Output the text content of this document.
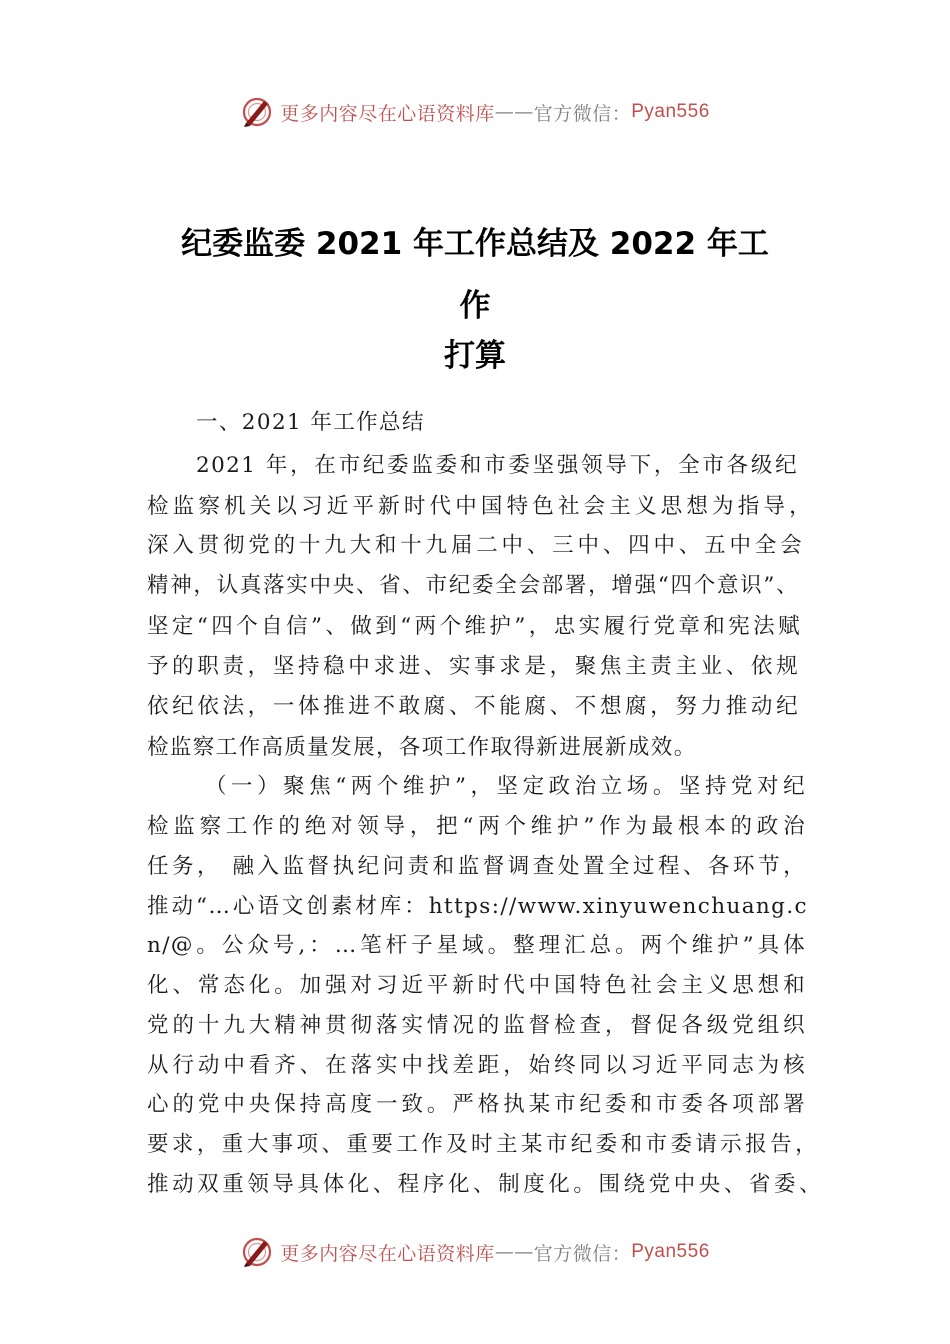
更多内容尽在心语资料库 —— 官方微信： Pyan556
纪委监委 2021 年工作总结及 2022 年工
作
打算
一、2021 年工作总结
2021 年，在市纪委监委和市委坚强领导下，全市各级纪
检监察机关以习近平新时代中国特色社会主义思想为指导，
深入贯彻党的十九大和十九届二中、三中、四中、五中全会
精神，认真落实中央、省、市纪委全会部署，增强“四个意识”、
坚定“四个自信”、做到“两个维护”，忠实履行党章和宪法赋
予的职责，坚持稳中求进、实事求是，聚焦主责主业、依规
依纪依法，一体推进不敢腐、不能腐、不想腐，努力推动纪
检监察工作高质量发展，各项工作取得新进展新成效。
（一）聚焦“两个维护”，坚定政治立场。坚持党对纪
检监察工作的绝对领导，把“两个维护”作为最根本的政治
任务， 融入监督执纪问责和监督调查处置全过程、各环节，
推动“…心语文创素材库：https://www.xinyuwenchuang.c
n/@。公众号,：…笔杆子星域。整理汇总。两个维护”具体
化、常态化。加强对习近平新时代中国特色社会主义思想和
党的十九大精神贯彻落实情况的监督检查，督促各级党组织
从行动中看齐、在落实中找差距，始终同以习近平同志为核
心的党中央保持高度一致。严格执某市纪委和市委各项部署
要求，重大事项、重要工作及时主某市纪委和市委请示报告，
推动双重领导具体化、程序化、制度化。围绕党中央、省委、
更多内容尽在心语资料库 —— 官方微信： Pyan556
